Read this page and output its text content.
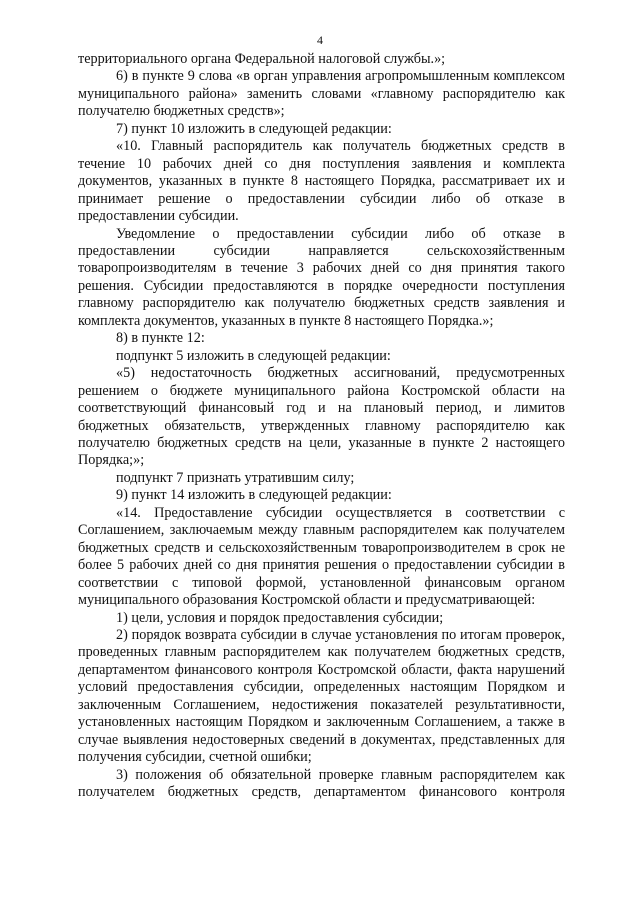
4

территориального органа Федеральной налоговой службы.»;

6) в пункте 9 слова «в орган управления агропромышленным комплексом муниципального района» заменить словами «главному распорядителю как получателю бюджетных средств»;

7) пункт 10 изложить в следующей редакции:

«10. Главный распорядитель как получатель бюджетных средств в течение 10 рабочих дней со дня поступления заявления и комплекта документов, указанных в пункте 8 настоящего Порядка, рассматривает их и принимает решение о предоставлении субсидии либо об отказе в предоставлении субсидии.

Уведомление о предоставлении субсидии либо об отказе в предоставлении субсидии направляется сельскохозяйственным товаропроизводителям в течение 3 рабочих дней со дня принятия такого решения. Субсидии предоставляются в порядке очередности поступления главному распорядителю как получателю бюджетных средств заявления и комплекта документов, указанных в пункте 8 настоящего Порядка.»;

8) в пункте 12:

подпункт 5 изложить в следующей редакции:

«5) недостаточность бюджетных ассигнований, предусмотренных решением о бюджете муниципального района Костромской области на соответствующий финансовый год и на плановый период, и лимитов бюджетных обязательств, утвержденных главному распорядителю как получателю бюджетных средств на цели, указанные в пункте 2 настоящего Порядка;»;

подпункт 7 признать утратившим силу;

9) пункт 14 изложить в следующей редакции:

«14. Предоставление субсидии осуществляется в соответствии с Соглашением, заключаемым между главным распорядителем как получателем бюджетных средств и сельскохозяйственным товаропроизводителем в срок не более 5 рабочих дней со дня принятия решения о предоставлении субсидии в соответствии с типовой формой, установленной финансовым органом муниципального образования Костромской области и предусматривающей:

1) цели, условия и порядок предоставления субсидии;

2) порядок возврата субсидии в случае установления по итогам проверок, проведенных главным распорядителем как получателем бюджетных средств, департаментом финансового контроля Костромской области, факта нарушений условий предоставления субсидии, определенных настоящим Порядком и заключенным Соглашением, недостижения показателей результативности, установленных настоящим Порядком и заключенным Соглашением, а также в случае выявления недостоверных сведений в документах, представленных для получения субсидии, счетной ошибки;

3) положения об обязательной проверке главным распорядителем как получателем бюджетных средств, департаментом финансового контроля
